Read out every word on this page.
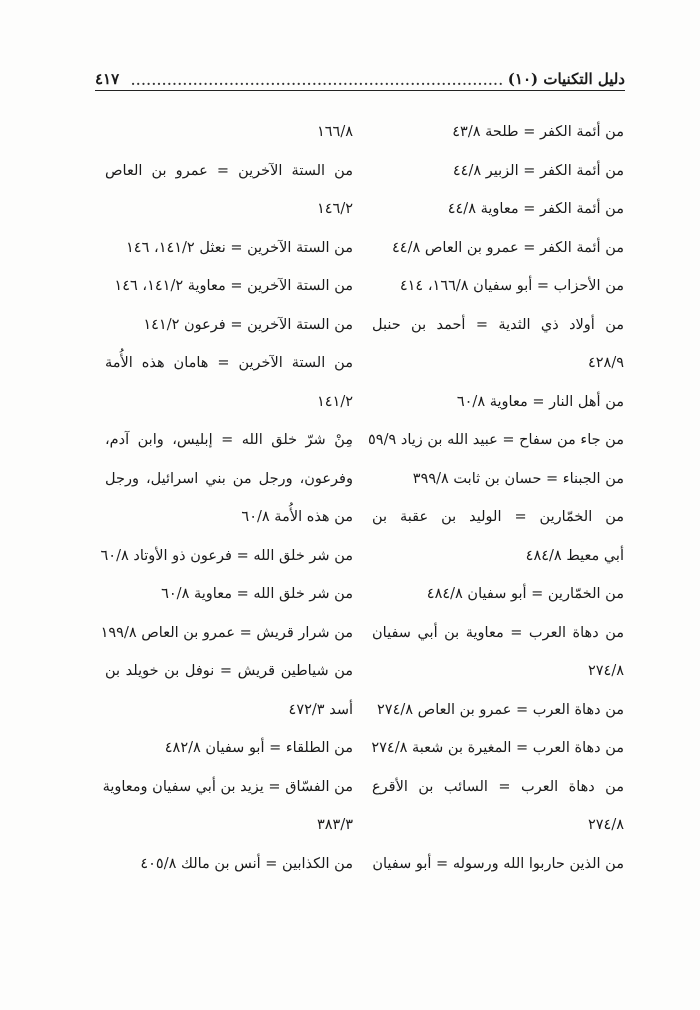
دليل التكنيات (١٠)
........................................................................
٤١٧
من أئمة الكفر = طلحة ٤٣/٨
من أئمة الكفر = الزبير ٤٤/٨
من أئمة الكفر = معاوية ٤٤/٨
من أئمة الكفر = عمرو بن العاص ٤٤/٨
من الأحزاب = أبو سفيان ١٦٦/٨، ٤١٤
من أولاد ذي الثدية = أحمد بن حنبل
٤٢٨/٩
من أهل النار = معاوية ٦٠/٨
من جاء من سفاح = عبيد الله بن زياد ٥٩/٩
من الجبناء = حسان بن ثابت ٣٩٩/٨
من الخمّارين = الوليد بن عقبة بن
أبي معيط ٤٨٤/٨
من الخمّارين = أبو سفيان ٤٨٤/٨
من دهاة العرب = معاوية بن أبي سفيان
٢٧٤/٨
من دهاة العرب = عمرو بن العاص ٢٧٤/٨
من دهاة العرب = المغيرة بن شعبة ٢٧٤/٨
من دهاة العرب = السائب بن الأقرع
٢٧٤/٨
من الذين حاربوا الله ورسوله = أبو سفيان
١٦٦/٨
من الستة الآخرين = عمرو بن العاص
١٤٦/٢
من الستة الآخرين = نعثل ١٤١/٢، ١٤٦
من الستة الآخرين = معاوية ١٤١/٢، ١٤٦
من الستة الآخرين = فرعون ١٤١/٢
من الستة الآخرين = هامان هذه الأُمة
١٤١/٢
مِنْ شرّ خلق الله = إبليس، وابن آدم،
وفرعون، ورجل من بني اسرائيل، ورجل
من هذه الأُمة ٦٠/٨
من شر خلق الله = فرعون ذو الأوتاد ٦٠/٨
من شر خلق الله = معاوية ٦٠/٨
من شرار قريش = عمرو بن العاص ١٩٩/٨
من شياطين قريش = نوفل بن خويلد بن
أسد ٤٧٢/٣
من الطلقاء = أبو سفيان ٤٨٢/٨
من الفسّاق = يزيد بن أبي سفيان ومعاوية
٣٨٣/٣
من الكذابين = أنس بن مالك ٤٠٥/٨
